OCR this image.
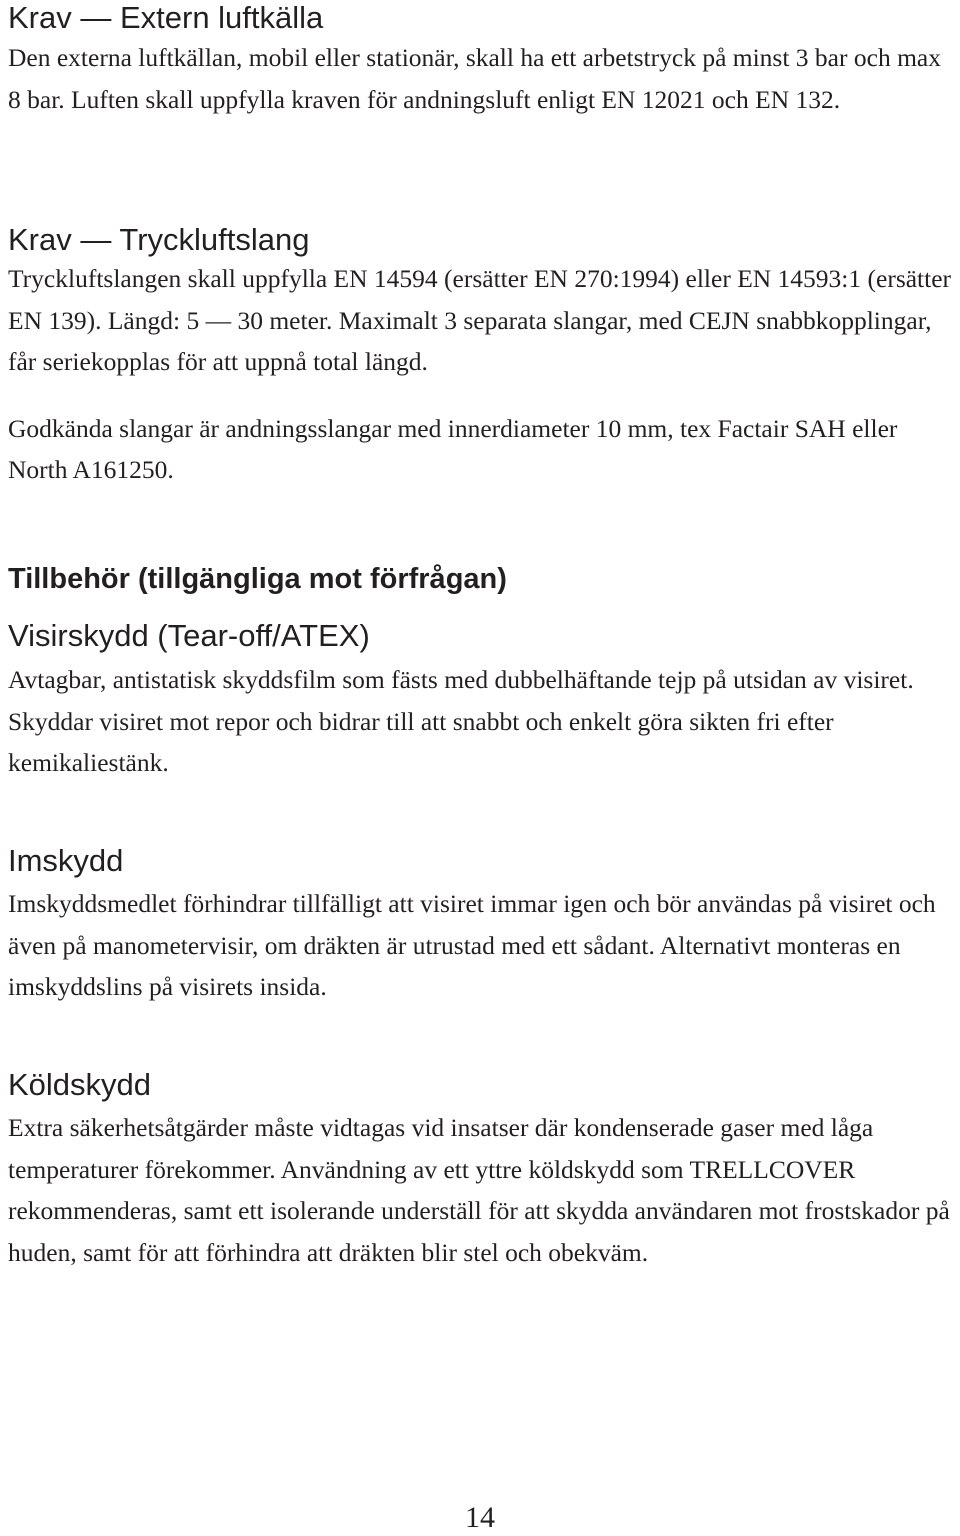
Krav — Extern luftkälla

Den externa luftkällan, mobil eller stationär, skall ha ett arbetstryck på minst 3 bar och max 8 bar. Luften skall uppfylla kraven för andningsluft enligt EN 12021 och EN 132.

Krav — Tryckluftslang

Tryckluftslangen skall uppfylla EN 14594 (ersätter EN 270:1994) eller EN 14593:1 (ersätter EN 139). Längd: 5 — 30 meter. Maximalt 3 separata slangar, med CEJN snabbkopplingar, får seriekopplas för att uppnå total längd.

Godkända slangar är andningsslangar med innerdiameter 10 mm, tex Factair SAH eller North A161250.

Tillbehör (tillgängliga mot förfrågan)
Visirskydd (Tear-off/ATEX)

Avtagbar, antistatisk skyddsfilm som fästs med dubbelhäftande tejp på utsidan av visiret. Skyddar visiret mot repor och bidrar till att snabbt och enkelt göra sikten fri efter kemikaliestänk.

Imskydd

Imskyddsmedlet förhindrar tillfälligt att visiret immar igen och bör användas på visiret och även på manometervisir, om dräkten är utrustad med ett sådant. Alternativt monteras en imskyddslins på visirets insida.

Köldskydd

Extra säkerhetsåtgärder måste vidtagas vid insatser där kondenserade gaser med låga temperaturer förekommer. Användning av ett yttre köldskydd som TRELLCOVER rekommenderas, samt ett isolerande underställ för att skydda användaren mot frostskador på huden, samt för att förhindra att dräkten blir stel och obekväm.

14
